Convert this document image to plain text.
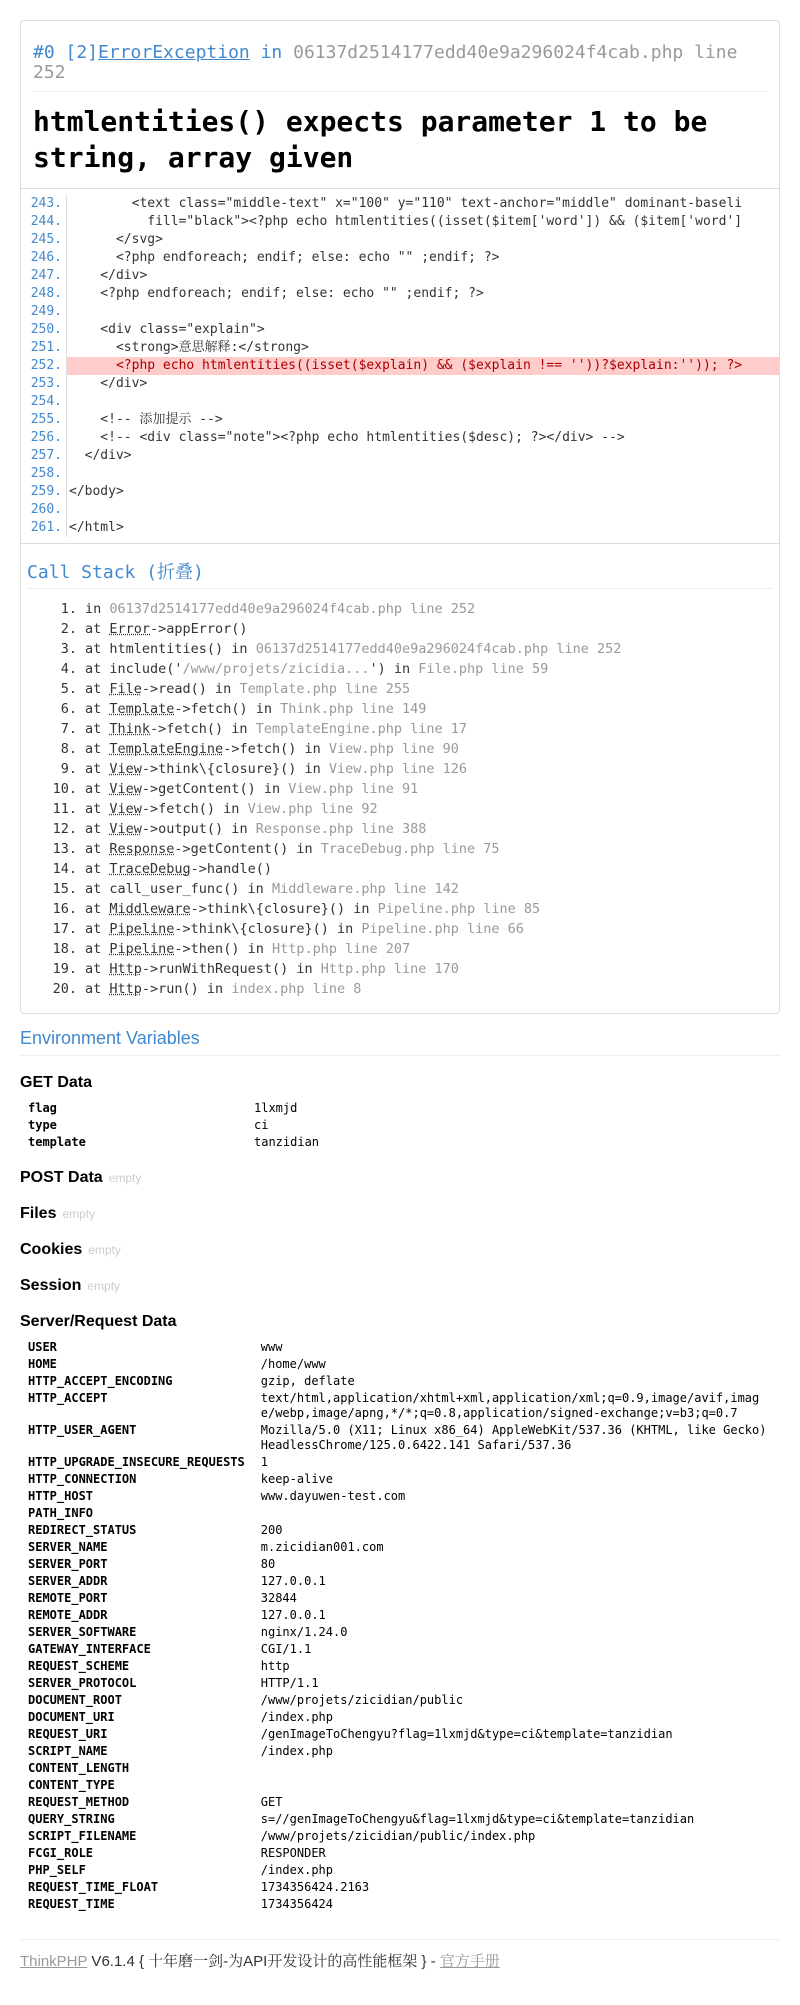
#0 [2]ErrorException in 06137d2514177edd40e9a296024f4cab.php line 252
htmlentities() expects parameter 1 to be string, array given
243. <text class="middle-text" x="100" y="110" text-anchor="middle" dominant-baseli
244. fill="black"><?php echo htmlentities((isset($item['word']) && ($item['word']
245. </svg>
246. <?php endforeach; endif; else: echo "" ;endif; ?>
247. </div>
248. <?php endforeach; endif; else: echo "" ;endif; ?>
249.
250. <div class="explain">
251. <strong>意思解释:</strong>
252. <?php echo htmlentities((isset($explain) && ($explain !== ''))?$explain:'')); ?>
253. </div>
254.
255. <!-- 添加提示 -->
256. <!-- <div class="note"><?php echo htmlentities($desc); ?></div> -->
257. </div>
258.
259. </body>
260.
261. </html>
Call Stack (折叠)
1. in 06137d2514177edd40e9a296024f4cab.php line 252
2. at Error->appError()
3. at htmlentities() in 06137d2514177edd40e9a296024f4cab.php line 252
4. at include('/www/projets/zicidia...') in File.php line 59
5. at File->read() in Template.php line 255
6. at Template->fetch() in Think.php line 149
7. at Think->fetch() in TemplateEngine.php line 17
8. at TemplateEngine->fetch() in View.php line 90
9. at View->think\{closure}() in View.php line 126
10. at View->getContent() in View.php line 91
11. at View->fetch() in View.php line 92
12. at View->output() in Response.php line 388
13. at Response->getContent() in TraceDebug.php line 75
14. at TraceDebug->handle()
15. at call_user_func() in Middleware.php line 142
16. at Middleware->think\{closure}() in Pipeline.php line 85
17. at Pipeline->think\{closure}() in Pipeline.php line 66
18. at Pipeline->then() in Http.php line 207
19. at Http->runWithRequest() in Http.php line 170
20. at Http->run() in index.php line 8
Environment Variables
GET Data
flag	1lxmjd
type	ci
template	tanzidian
POST Data empty
Files empty
Cookies empty
Session empty
Server/Request Data
USER	www
HOME	/home/www
HTTP_ACCEPT_ENCODING	gzip, deflate
HTTP_ACCEPT	text/html,application/xhtml+xml,application/xml;q=0.9,image/avif,image/webp,image/apng,*/*;q=0.8,application/signed-exchange;v=b3;q=0.7
HTTP_USER_AGENT	Mozilla/5.0 (X11; Linux x86_64) AppleWebKit/537.36 (KHTML, like Gecko) HeadlessChrome/125.0.6422.141 Safari/537.36
HTTP_UPGRADE_INSECURE_REQUESTS	1
HTTP_CONNECTION	keep-alive
HTTP_HOST	www.dayuwen-test.com
PATH_INFO	
REDIRECT_STATUS	200
SERVER_NAME	m.zicidian001.com
SERVER_PORT	80
SERVER_ADDR	127.0.0.1
REMOTE_PORT	32844
REMOTE_ADDR	127.0.0.1
SERVER_SOFTWARE	nginx/1.24.0
GATEWAY_INTERFACE	CGI/1.1
REQUEST_SCHEME	http
SERVER_PROTOCOL	HTTP/1.1
DOCUMENT_ROOT	/www/projets/zicidian/public
DOCUMENT_URI	/index.php
REQUEST_URI	/genImageToChengyu?flag=1lxmjd&type=ci&template=tanzidian
SCRIPT_NAME	/index.php
CONTENT_LENGTH	
CONTENT_TYPE	
REQUEST_METHOD	GET
QUERY_STRING	s=//genImageToChengyu&flag=1lxmjd&type=ci&template=tanzidian
SCRIPT_FILENAME	/www/projets/zicidian/public/index.php
FCGI_ROLE	RESPONDER
PHP_SELF	/index.php
REQUEST_TIME_FLOAT	1734356424.2163
REQUEST_TIME	1734356424
ThinkPHP V6.1.4 { 十年磨一剑-为API开发设计的高性能框架 } - 官方手册
